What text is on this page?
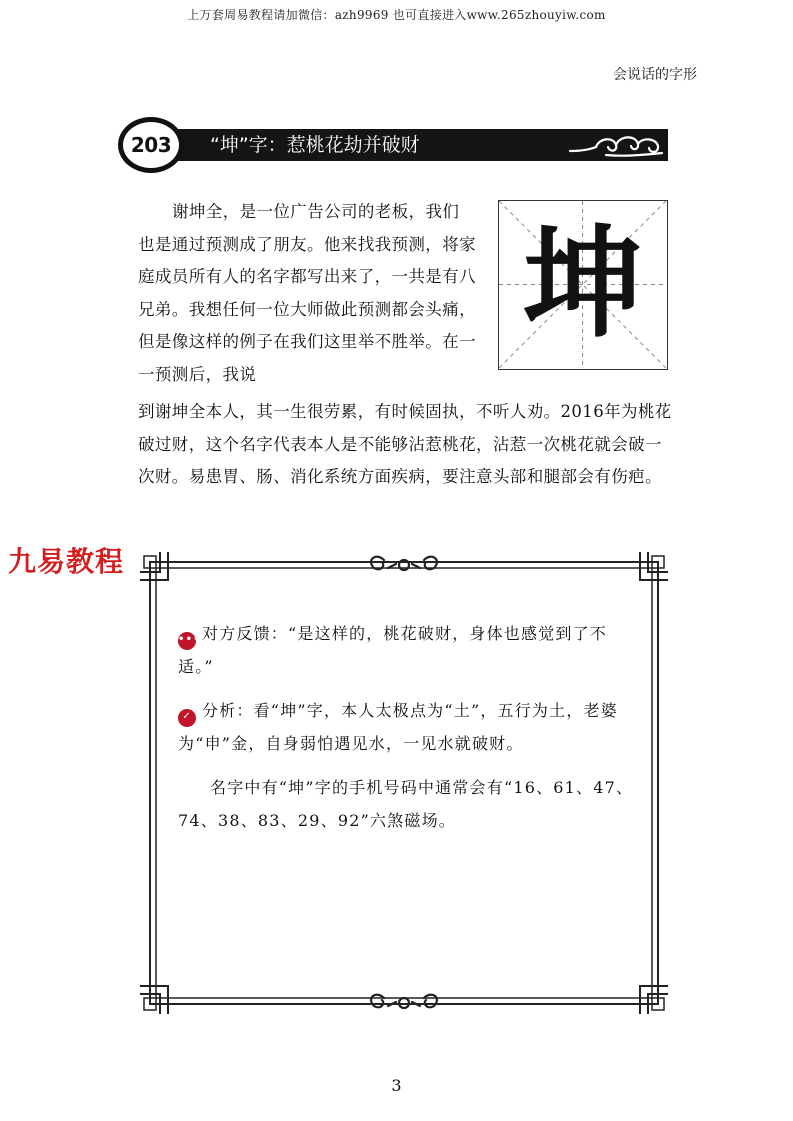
上万套周易教程请加微信：azh9969 也可直接进入www.265zhouyiw.com
会说话的字形
203 “坤”字：惹桃花劫并破财

谢坤全，是一位广告公司的老板，我们也是通过预测成了朋友。他来找我预测，将家庭成员所有人的名字都写出来了，一共是有八兄弟。我想任何一位大师做此预测都会头痛，但是像这样的例子在我们这里举不胜举。在一一预测后，我说

坤

到谢坤全本人，其一生很劳累，有时候固执，不听人劝。2016年为桃花破过财，这个名字代表本人是不能够沾惹桃花，沾惹一次桃花就会破一次财。易患胃、肠、消化系统方面疾病，要注意头部和腿部会有伤疤。

九易教程

•••对方反馈：“是这样的，桃花破财，身体也感觉到了不适。”

✓ 分析：看“坤”字，本人太极点为“土”，五行为土，老婆为“申”金，自身弱怕遇见水，一见水就破财。

名字中有“坤”字的手机号码中通常会有“16、61、47、74、38、83、29、92”六煞磁场。

3
